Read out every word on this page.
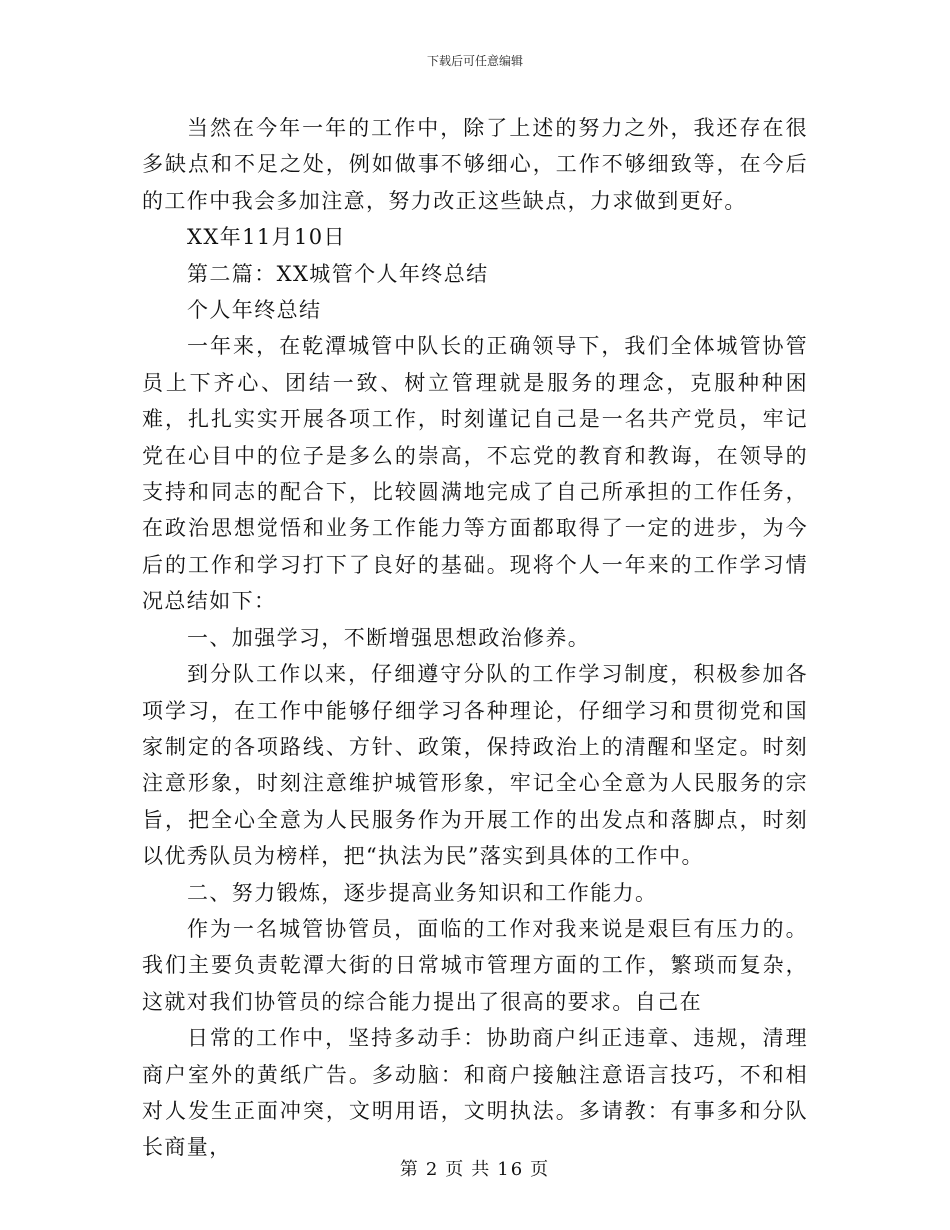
下载后可任意编辑

当然在今年一年的工作中，除了上述的努力之外，我还存在很多缺点和不足之处，例如做事不够细心，工作不够细致等，在今后的工作中我会多加注意，努力改正这些缺点，力求做到更好。

XX年11月10日

第二篇：XX城管个人年终总结

个人年终总结

一年来，在乾潭城管中队长的正确领导下，我们全体城管协管员上下齐心、团结一致、树立管理就是服务的理念，克服种种困难，扎扎实实开展各项工作，时刻谨记自己是一名共产党员，牢记党在心目中的位子是多么的崇高，不忘党的教育和教诲，在领导的支持和同志的配合下，比较圆满地完成了自己所承担的工作任务，在政治思想觉悟和业务工作能力等方面都取得了一定的进步，为今后的工作和学习打下了良好的基础。现将个人一年来的工作学习情况总结如下：

一、加强学习，不断增强思想政治修养。

到分队工作以来，仔细遵守分队的工作学习制度，积极参加各项学习，在工作中能够仔细学习各种理论，仔细学习和贯彻党和国家制定的各项路线、方针、政策，保持政治上的清醒和坚定。时刻注意形象，时刻注意维护城管形象，牢记全心全意为人民服务的宗旨，把全心全意为人民服务作为开展工作的出发点和落脚点，时刻以优秀队员为榜样，把“执法为民”落实到具体的工作中。

二、努力锻炼，逐步提高业务知识和工作能力。

作为一名城管协管员，面临的工作对我来说是艰巨有压力的。我们主要负责乾潭大街的日常城市管理方面的工作，繁琐而复杂，这就对我们协管员的综合能力提出了很高的要求。自己在

日常的工作中，坚持多动手：协助商户纠正违章、违规，清理商户室外的黄纸广告。多动脑：和商户接触注意语言技巧，不和相对人发生正面冲突，文明用语，文明执法。多请教：有事多和分队长商量，

第 2 页 共 16 页
